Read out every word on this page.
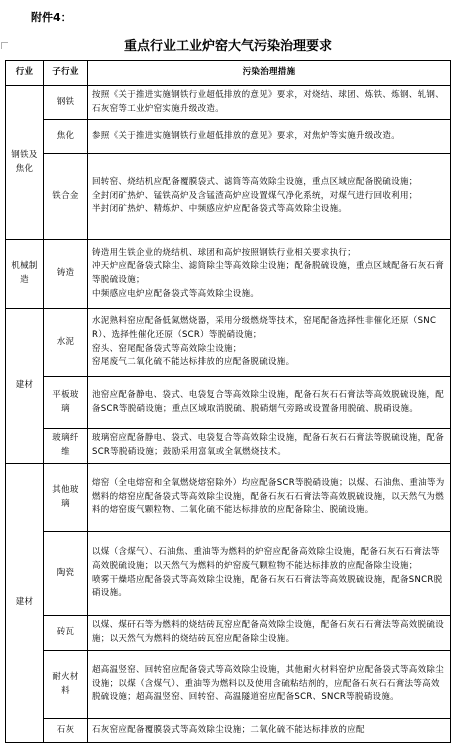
附件4：
重点行业工业炉窑大气污染治理要求
行业	子行业	污染治理措施
钢铁及焦化	钢铁	按照《关于推进实施钢铁行业超低排放的意见》要求，对烧结、球团、炼铁、炼钢、轧钢、石灰窑等工业炉窑实施升级改造。

	焦化	参照《关于推进实施钢铁行业超低排放的意见》要求，对焦炉等实施升级改造。

	铁合金	回转窑、烧结机应配备覆膜袋式、滤筒等高效除尘设施，重点区域应配备脱硫设施；
全封闭矿热炉、锰铁高炉及含锰渣高炉应设置煤气净化系统，对煤气进行回收利用；
半封闭矿热炉、精炼炉、中频感应炉应配备袋式等高效除尘设施。

机械制造	铸造	铸造用生铁企业的烧结机、球团和高炉按照钢铁行业相关要求执行；
冲天炉应配备袋式除尘、滤筒除尘等高效除尘设施；配备脱硫设施，重点区域配备石灰石膏等脱硫设施；
中频感应电炉应配备袋式等高效除尘设施。

建材	水泥	水泥熟料窑应配备低氮燃烧器，采用分级燃烧等技术，窑尾配备选择性非催化还原（SNCR）、选择性催化还原（SCR）等脱硝设施；
窑头、窑尾配备袋式等高效除尘设施；
窑尾废气二氧化硫不能达标排放的应配备脱硫设施。

	平板玻璃	池窑应配备静电、袋式、电袋复合等高效除尘设施，配备石灰石石膏法等高效脱硫设施，配备SCR等脱硝设施；重点区域取消脱硫、脱硝烟气旁路或设置备用脱硫、脱硝设施。

	玻璃纤维	玻璃窑应配备静电、袋式、电袋复合等高效除尘设施，配备石灰石石膏法等脱硫设施，配备SCR等脱硝设施；鼓励采用富氧或全氧燃烧技术。

建材	其他玻璃	熔窑（全电熔窑和全氧燃烧熔窑除外）均应配备SCR等脱硝设施；以煤、石油焦、重油等为燃料的熔窑应配备袋式等高效除尘设施，配备石灰石石膏法等高效脱硫设施，以天然气为燃料的熔窑废气颗粒物、二氧化硫不能达标排放的应配备除尘、脱硫设施。

	陶瓷	以煤（含煤气）、石油焦、重油等为燃料的炉窑应配备高效除尘设施，配备石灰石石膏法等高效脱硫设施；以天然气为燃料的炉窑废气颗粒物不能达标排放的应配备除尘设施；
喷雾干燥塔应配备袋式等高效除尘设施，配备石灰石石膏法等高效脱硫设施，配备SNCR脱硝设施。

	砖瓦	以煤、煤矸石等为燃料的烧结砖瓦窑应配备高效除尘设施，配备石灰石石膏法等高效脱硫设施；以天然气为燃料的烧结砖瓦窑应配备除尘设施。

	耐火材料	超高温竖窑、回转窑应配备袋式等高效除尘设施，其他耐火材料窑炉应配备袋式等高效除尘设施；以煤（含煤气）、重油等为燃料以及使用含硫粘结剂的，应配备石灰石石膏法等高效脱硫设施；超高温竖窑、回转窑、高温隧道窑应配备SCR、SNCR等脱硝设施。

	石灰	石灰窑应配备覆膜袋式等高效除尘设施；二氧化硫不能达标排放的应配
